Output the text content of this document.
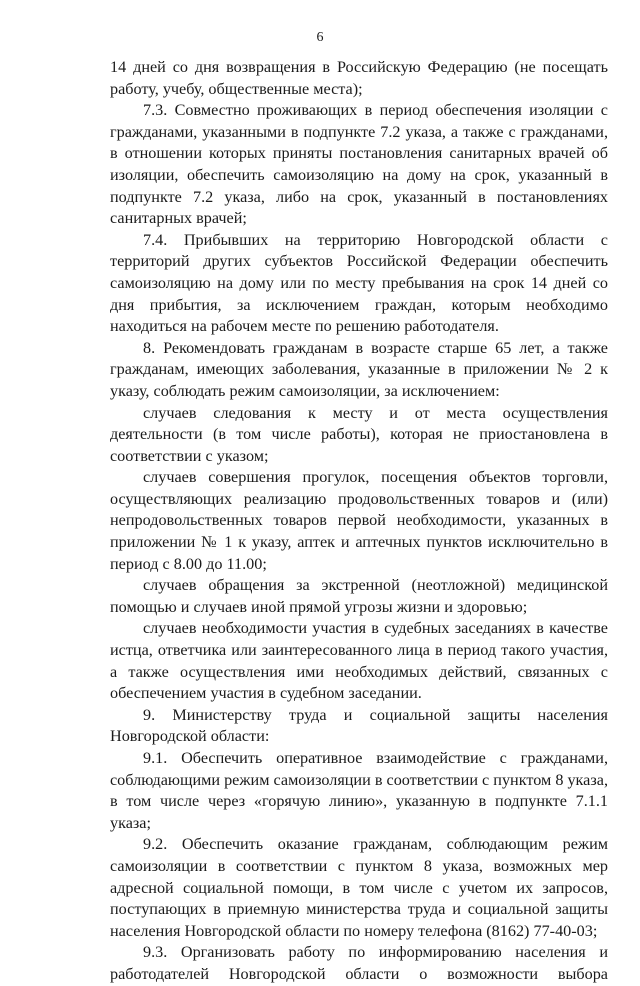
6

14 дней со дня возвращения в Российскую Федерацию (не посещать работу, учебу, общественные места);

7.3. Совместно проживающих в период обеспечения изоляции с гражданами, указанными в подпункте 7.2 указа, а также с гражданами, в отношении которых приняты постановления санитарных врачей об изоляции, обеспечить самоизоляцию на дому на срок, указанный в подпункте 7.2 указа, либо на срок, указанный в постановлениях санитарных врачей;

7.4. Прибывших на территорию Новгородской области с территорий других субъектов Российской Федерации обеспечить самоизоляцию на дому или по месту пребывания на срок 14 дней со дня прибытия, за исключением граждан, которым необходимо находиться на рабочем месте по решению работодателя.

8. Рекомендовать гражданам в возрасте старше 65 лет, а также гражданам, имеющих заболевания, указанные в приложении № 2 к указу, соблюдать режим самоизоляции, за исключением:

случаев следования к месту и от места осуществления деятельности (в том числе работы), которая не приостановлена в соответствии с указом;

случаев совершения прогулок, посещения объектов торговли, осуществляющих реализацию продовольственных товаров и (или) непродовольственных товаров первой необходимости, указанных в приложении № 1 к указу, аптек и аптечных пунктов исключительно в период с 8.00 до 11.00;

случаев обращения за экстренной (неотложной) медицинской помощью и случаев иной прямой угрозы жизни и здоровью;

случаев необходимости участия в судебных заседаниях в качестве истца, ответчика или заинтересованного лица в период такого участия, а также осуществления ими необходимых действий, связанных с обеспечением участия в судебном заседании.

9. Министерству труда и социальной защиты населения Новгородской области:

9.1. Обеспечить оперативное взаимодействие с гражданами, соблюдающими режим самоизоляции в соответствии с пунктом 8 указа, в том числе через «горячую линию», указанную в подпункте 7.1.1 указа;

9.2. Обеспечить оказание гражданам, соблюдающим режим самоизоляции в соответствии с пунктом 8 указа, возможных мер адресной социальной помощи, в том числе с учетом их запросов, поступающих в приемную министерства труда и социальной защиты населения Новгородской области по номеру телефона (8162) 77-40-03;

9.3. Организовать работу по информированию населения и работодателей Новгородской области о возможности выбора
